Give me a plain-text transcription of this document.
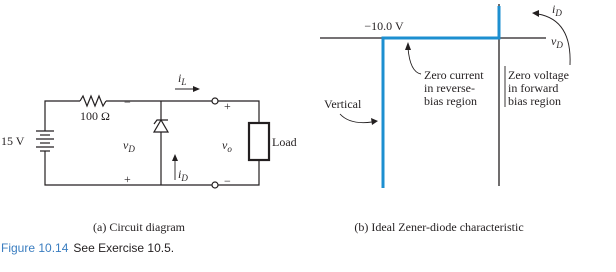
100 Ω
15 V	Load
$i_L$
−
$v_D$
+	$i_D$
+
$v_o$
−
(a) Circuit diagram
$i_D$
$v_D$
−10.0 V
Vertical
Zero current
in reverse-
bias region
Zero voltage
in forward
bias region
(b) Ideal Zener-diode characteristic
Figure 10.14 See Exercise 10.5.
